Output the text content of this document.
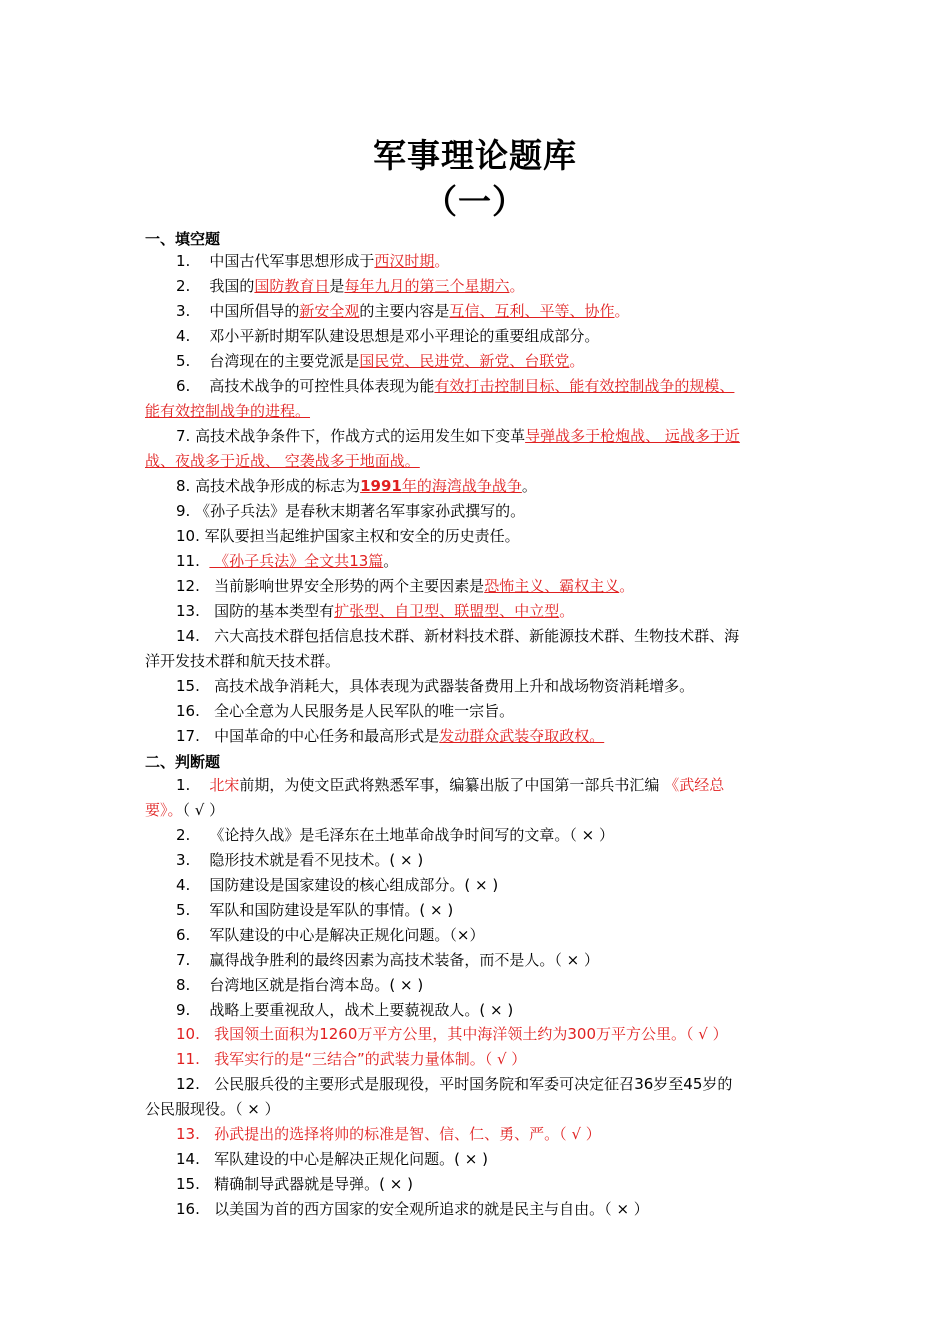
军事理论题库
（一）
一、填空题
1. 中国古代军事思想形成于西汉时期。
2. 我国的国防教育日是每年九月的第三个星期六。
3. 中国所倡导的新安全观的主要内容是互信、互利、平等、协作。
4. 邓小平新时期军队建设思想是邓小平理论的重要组成部分。
5. 台湾现在的主要党派是国民党、民进党、新党、台联党。
6. 高技术战争的可控性具体表现为能有效打击控制目标、能有效控制战争的规模、
能有效控制战争的进程。
7. 高技术战争条件下，作战方式的运用发生如下变革导弹战多于枪炮战、 远战多于近
战、夜战多于近战、 空袭战多于地面战。
8. 高技术战争形成的标志为1991年的海湾战争战争。
9. 《孙子兵法》是春秋末期著名军事家孙武撰写的。
10. 军队要担当起维护国家主权和安全的历史责任。
11.   《孙子兵法》全文共13篇。
12. 当前影响世界安全形势的两个主要因素是恐怖主义、霸权主义。
13. 国防的基本类型有扩张型、自卫型、联盟型、中立型。
14. 六大高技术群包括信息技术群、新材料技术群、新能源技术群、生物技术群、海
洋开发技术群和航天技术群。
15. 高技术战争消耗大，具体表现为武器装备费用上升和战场物资消耗增多。
16. 全心全意为人民服务是人民军队的唯一宗旨。
17. 中国革命的中心任务和最高形式是发动群众武装夺取政权。
二、判断题
1. 北宋前期，为使文臣武将熟悉军事，编纂出版了中国第一部兵书汇编 《武经总
要》。（ √ ）
2. 《论持久战》是毛泽东在土地革命战争时间写的文章。（ × ）
3. 隐形技术就是看不见技术。( × )
4. 国防建设是国家建设的核心组成部分。( × )
5. 军队和国防建设是军队的事情。( × )
6. 军队建设的中心是解决正规化问题。（×）
7. 赢得战争胜利的最终因素为高技术装备，而不是人。（ × ）
8. 台湾地区就是指台湾本岛。( × )
9. 战略上要重视敌人，战术上要藐视敌人。( × )
10. 我国领土面积为1260万平方公里，其中海洋领土约为300万平方公里。（ √ ）
11. 我军实行的是“三结合”的武装力量体制。（ √ ）
12. 公民服兵役的主要形式是服现役，平时国务院和军委可决定征召36岁至45岁的
公民服现役。（ × ）
13. 孙武提出的选择将帅的标准是智、信、仁、勇、严。（ √ ）
14. 军队建设的中心是解决正规化问题。( × )
15. 精确制导武器就是导弹。( × )
16. 以美国为首的西方国家的安全观所追求的就是民主与自由。（ × ）
